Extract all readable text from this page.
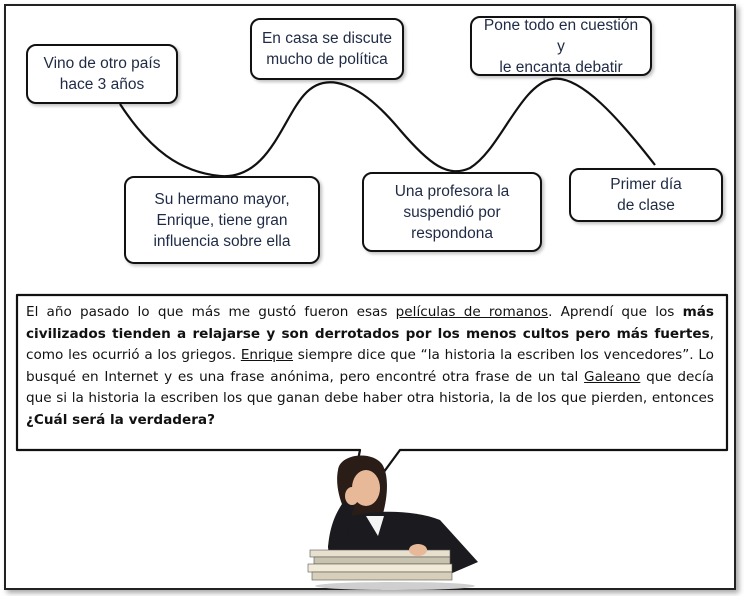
Vino de otro país
hace 3 años
Su hermano mayor,
Enrique, tiene gran
influencia sobre ella
En casa se discute
mucho de política
Una profesora la
suspendió por
respondona
Pone todo en cuestión y
le encanta debatir
Primer día
de clase
El año pasado lo que más me gustó fueron esas películas de romanos. Aprendí que los más civilizados tienden a relajarse y son derrotados por los menos cultos pero más fuertes, como les ocurrió a los griegos. Enrique siempre dice que “la historia la escriben los vencedores”. Lo busqué en Internet y es una frase anónima, pero encontré otra frase de un tal Galeano que decía que si la historia la escriben los que ganan debe haber otra historia, la de los que pierden, entonces ¿Cuál será la verdadera?
